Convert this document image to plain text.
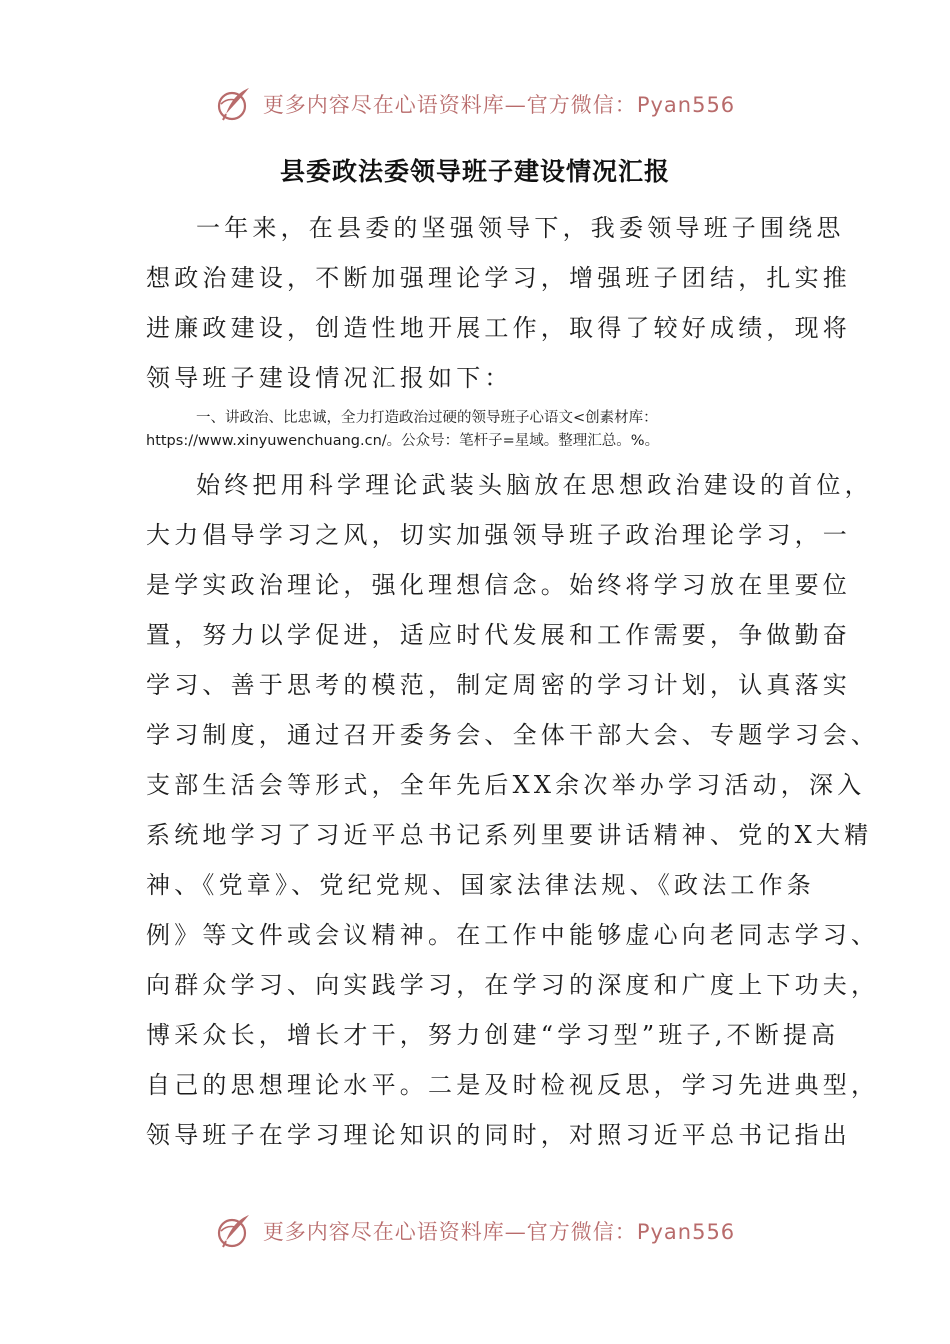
更多内容尽在心语资料库—官方微信：Pyan556
县委政法委领导班子建设情况汇报

一年来，在县委的坚强领导下，我委领导班子围绕思

想政治建设，不断加强理论学习，增强班子团结，扎实推

进廉政建设，创造性地开展工作，取得了较好成绩，现将

领导班子建设情况汇报如下：

一、讲政治、比忠诚，全力打造政治过硬的领导班子心语文<创素材库：

https://www.xinyuwenchuang.cn/。公众号：笔杆子=星域。整理汇总。%。

始终把用科学理论武装头脑放在思想政治建设的首位，

大力倡导学习之风，切实加强领导班子政治理论学习，一

是学实政治理论，强化理想信念。始终将学习放在里要位

置，努力以学促进，适应时代发展和工作需要，争做勤奋

学习、善于思考的模范，制定周密的学习计划，认真落实

学习制度，通过召开委务会、全体干部大会、专题学习会、

支部生活会等形式，全年先后XX余次举办学习活动，深入

系统地学习了习近平总书记系列里要讲话精神、党的X大精

神、《党章》、党纪党规、国家法律法规、《政法工作条

例》等文件或会议精神。在工作中能够虚心向老同志学习、

向群众学习、向实践学习，在学习的深度和广度上下功夫，

博采众长，增长才干，努力创建“学习型”班子,不断提高

自己的思想理论水平。二是及时检视反思，学习先进典型，

领导班子在学习理论知识的同时，对照习近平总书记指出

更多内容尽在心语资料库—官方微信：Pyan556
